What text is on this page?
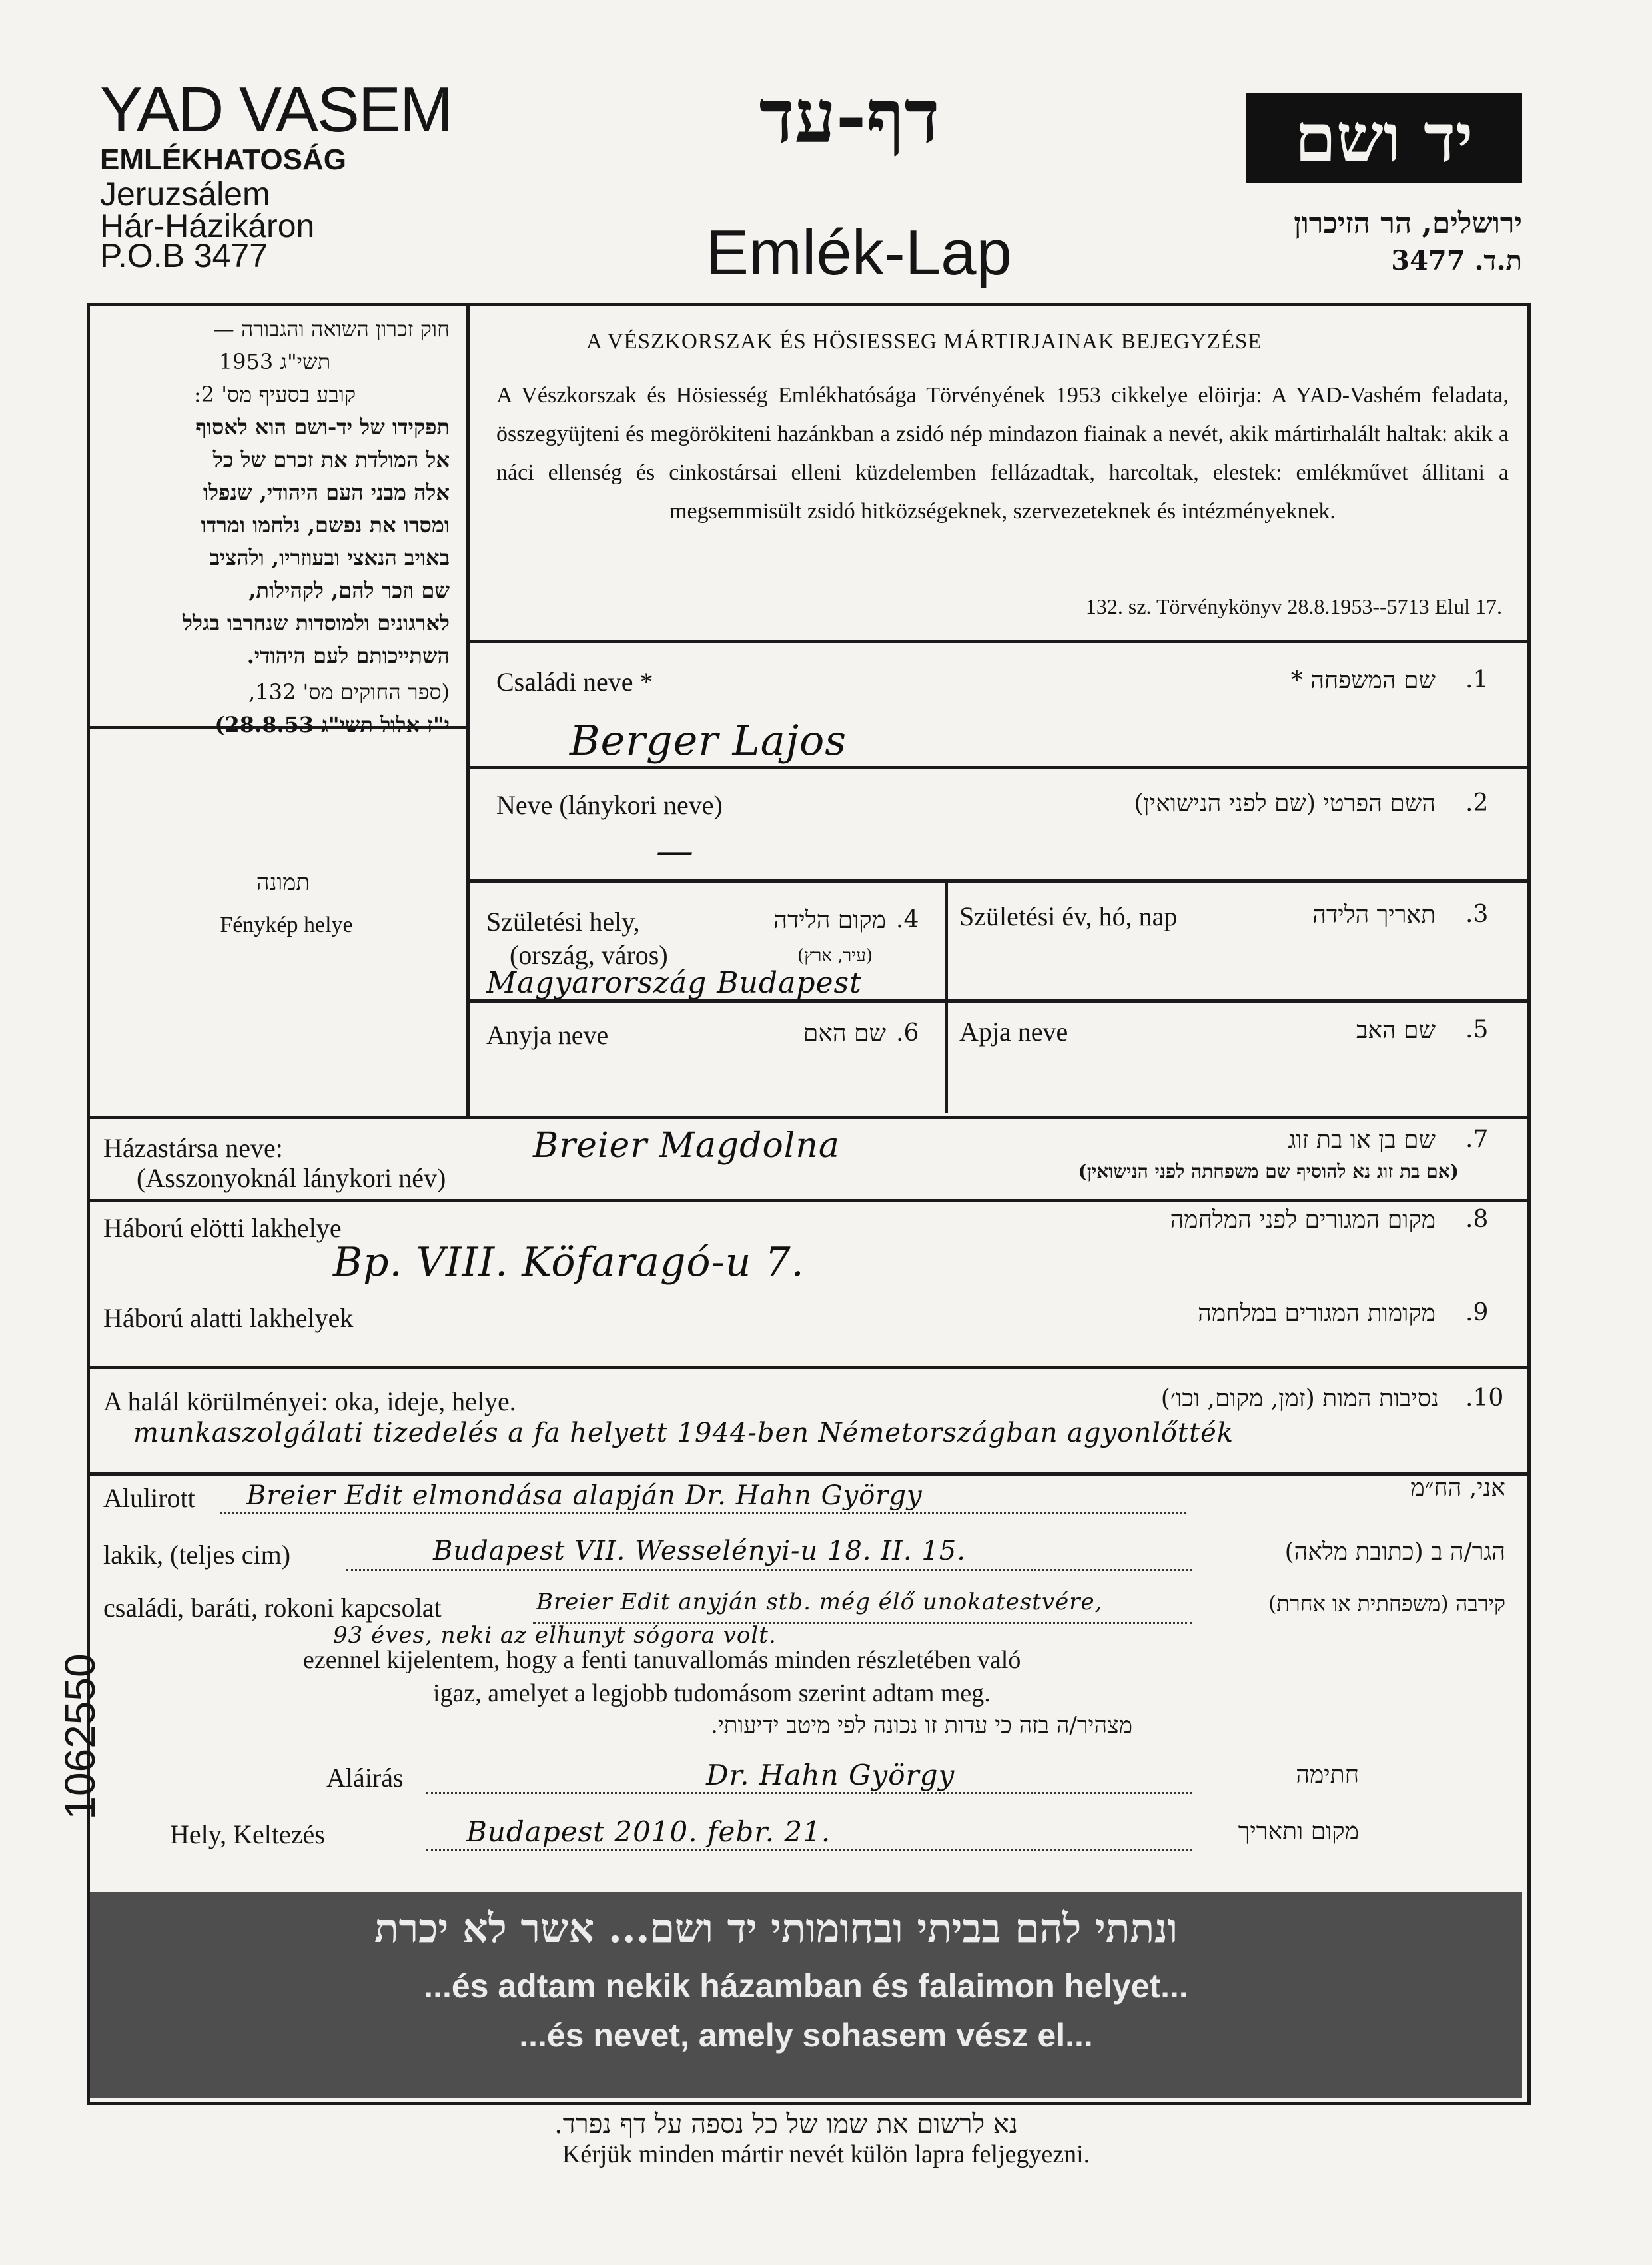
YAD VASEM
EMLÉKHATOSÁG
Jeruzsálem
Hár-Házikáron
P.O.B 3477
דף-עד
Emlék-Lap
יד ושם
ירושלים, הר הזיכרון
ת.ד. 3477
חוק זכרון השואה והגבורה —
תשי"ג 1953
קובע בסעיף מס' 2:
תפקידו של יד-ושם הוא לאסוף
אל המולדת את זכרם של כל
אלה מבני העם היהודי, שנפלו
ומסרו את נפשם, נלחמו ומרדו
באויב הנאצי ובעוזריו, ולהציב
שם וזכר להם, לקהילות,
לארגונים ולמוסדות שנחרבו בגלל
השתייכותם לעם היהודי.
(ספר החוקים מס' 132,
י"ז אלול תשי"ג 28.8.53)
תמונה
Fénykép helye
A VÉSZKORSZAK ÉS HÖSIESSEG MÁRTIRJAINAK BEJEGYZÉSE
A Vészkorszak és Hösiesség Emlékhatósága Törvényének 1953 cikkelye elöirja: A YAD-Vashém feladata, összegyüjteni és megörökiteni hazánkban a zsidó nép mindazon fiainak a nevét, akik mártirhalált haltak: akik a náci ellenség és cinkostársai elleni küzdelemben fellázadtak, harcoltak, elestek: emlékművet állitani a megsemmisült zsidó hitközségeknek, szervezeteknek és intézményeknek.
132. sz. Törvénykönyv 28.8.1953--5713 Elul 17.
Családi neve *	שם המשפחה * .1
Berger Lajos
Neve (lánykori neve)	השם הפרטי (שם לפני הנישואין) .2
—
Születési hely,
(ország, város)
מקום הלידה
(עיר, ארץ)
.4
Magyarország Budapest
Születési év, hó, nap	תאריך הלידה .3
Anyja neve	שם האם .6 Apja neve	שם האב .5
Házastársa neve:
(Asszonyoknál lánykori név)
Breier Magdolna	שם בן או בת זוג
(אם בת זוג נא להוסיף שם משפחתה לפני הנישואין)
.7
Háború elötti lakhelye
Bp. VIII. Köfaragó-u 7.
מקום המגורים לפני המלחמה .8
Háború alatti lakhelyek	מקומות המגורים במלחמה .9
A halál körülményei: oka, ideje, helye.	נסיבות המות (זמן, מקום, וכו׳) .10
munkaszolgálati tizedelés a fa helyett 1944-ben Németországban agyonlőtték
Alulirott Breier Edit elmondása alapján Dr. Hahn György	אני, הח״מ
lakik, (teljes cim)	Budapest VII. Wesselényi-u 18. II. 15.	הגר/ה ב (כתובת מלאה)
családi, baráti, rokoni kapcsolat	Breier Edit anyján stb. még élő unokatestvére,	קירבה (משפחתית או אחרת)
93 éves, neki az elhunyt sógora volt.
ezennel kijelentem, hogy a fenti tanuvallomás minden részletében való
igaz, amelyet a legjobb tudomásom szerint adtam meg.
מצהיר/ה בזה כי עדות זו נכונה לפי מיטב ידיעותי.
Aláirás	Dr. Hahn György	חתימה
Hely, Keltezés	Budapest 2010. febr. 21.	מקום ותאריך
1062550
ונתתי להם בביתי ובחומותי יד ושם... אשר לא יכרת
...és adtam nekik házamban és falaimon helyet...
...és nevet, amely sohasem vész el...
נא לרשום את שמו של כל נספה על דף נפרד.
Kérjük minden mártir nevét külön lapra feljegyezni.
